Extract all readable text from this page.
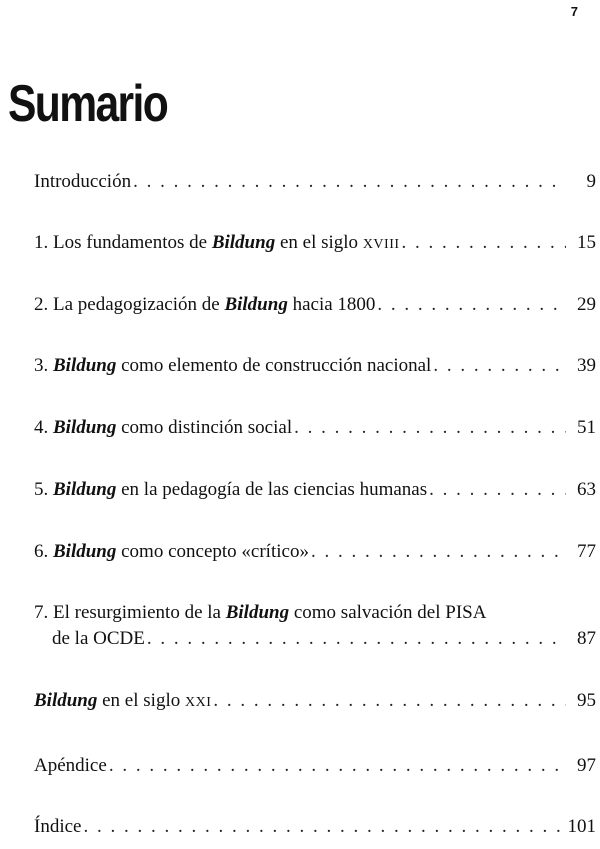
7
Sumario
Introducción . . .	9
1. Los fundamentos de Bildung en el siglo XVIII . . .	15
2. La pedagogización de Bildung hacia 1800 . . .	29
3. Bildung como elemento de construcción nacional . . .	39
4. Bildung como distinción social . . .	51
5. Bildung en la pedagogía de las ciencias humanas . . .	63
6. Bildung como concepto «crítico» . . .	77
7. El resurgimiento de la Bildung como salvación del PISA
de la OCDE . . .	87
Bildung en el siglo XXI . . .	95
Apéndice . . .	97
Índice . . .	101
